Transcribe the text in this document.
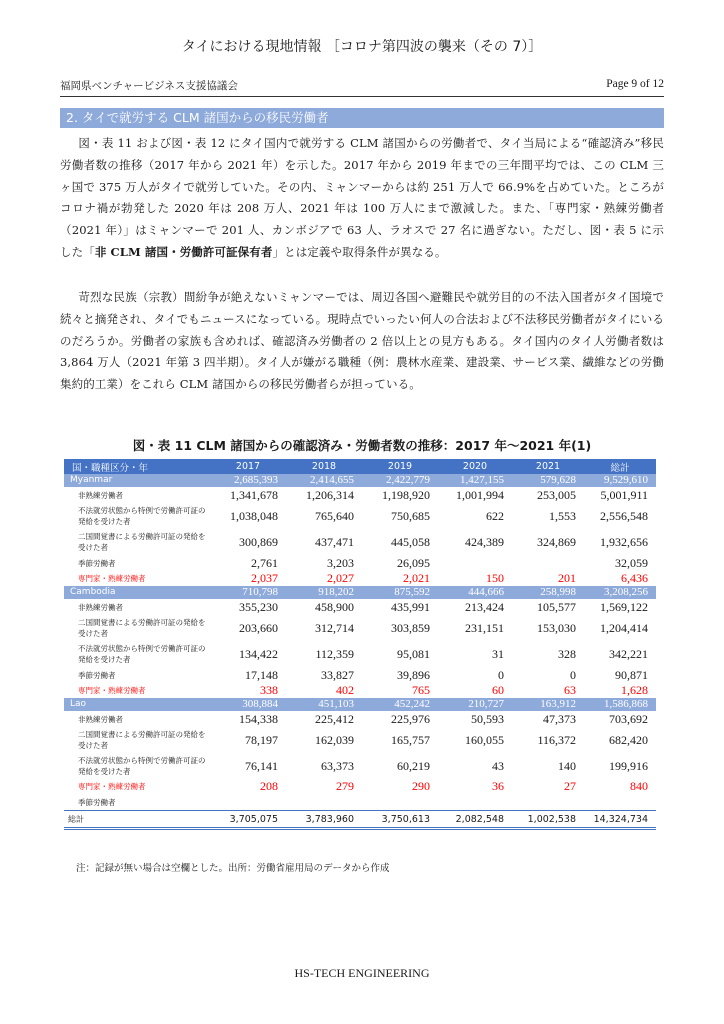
タイにおける現地情報 ［コロナ第四波の襲来（その 7）］
福岡県ベンチャービジネス支援協議会	Page 9 of 12
2. タイで就労する CLM 諸国からの移民労働者

図・表 11 および図・表 12 にタイ国内で就労する CLM 諸国からの労働者で、タイ当局による“確認済み”移民労働者数の推移（2017 年から 2021 年）を示した。2017 年から 2019 年までの三年間平均では、この CLM 三ヶ国で 375 万人がタイで就労していた。その内、ミャンマーからは約 251 万人で 66.9%を占めていた。ところがコロナ禍が勃発した 2020 年は 208 万人、2021 年は 100 万人にまで激減した。また、「専門家・熟練労働者（2021 年）」はミャンマーで 201 人、カンボジアで 63 人、ラオスで 27 名に過ぎない。ただし、図・表 5 に示した「非 CLM 諸国・労働許可証保有者」とは定義や取得条件が異なる。

苛烈な民族（宗教）間紛争が絶えないミャンマーでは、周辺各国へ避難民や就労目的の不法入国者がタイ国境で続々と摘発され、タイでもニュースになっている。現時点でいったい何人の合法および不法移民労働者がタイにいるのだろうか。労働者の家族も含めれば、確認済み労働者の 2 倍以上との見方もある。タイ国内のタイ人労働者数は 3,864 万人（2021 年第 3 四半期）。タイ人が嫌がる職種（例：農林水産業、建設業、サービス業、繊維などの労働集約的工業）をこれら CLM 諸国からの移民労働者らが担っている。

図・表 11 CLM 諸国からの確認済み・労働者数の推移：2017 年～2021 年(1)
国・職種区分・年	2017	2018	2019	2020	2021	総計
Myanmar	2,685,393	2,414,655	2,422,779	1,427,155	579,628	9,529,610
非熟練労働者	1,341,678	1,206,314	1,198,920	1,001,994	253,005	5,001,911
不法就労状態から特例で労働許可証の発給を受けた者	1,038,048	765,640	750,685	622	1,553	2,556,548
二国間覚書による労働許可証の発給を受けた者	300,869	437,471	445,058	424,389	324,869	1,932,656
季節労働者	2,761	3,203	26,095			32,059
専門家・熟練労働者	2,037	2,027	2,021	150	201	6,436
Cambodia	710,798	918,202	875,592	444,666	258,998	3,208,256
非熟練労働者	355,230	458,900	435,991	213,424	105,577	1,569,122
二国間覚書による労働許可証の発給を受けた者	203,660	312,714	303,859	231,151	153,030	1,204,414
不法就労状態から特例で労働許可証の発給を受けた者	134,422	112,359	95,081	31	328	342,221
季節労働者	17,148	33,827	39,896	0	0	90,871
専門家・熟練労働者	338	402	765	60	63	1,628
Lao	308,884	451,103	452,242	210,727	163,912	1,586,868
非熟練労働者	154,338	225,412	225,976	50,593	47,373	703,692
二国間覚書による労働許可証の発給を受けた者	78,197	162,039	165,757	160,055	116,372	682,420
不法就労状態から特例で労働許可証の発給を受けた者	76,141	63,373	60,219	43	140	199,916
専門家・熟練労働者	208	279	290	36	27	840
季節労働者						
総計	3,705,075	3,783,960	3,750,613	2,082,548	1,002,538	14,324,734
注：記録が無い場合は空欄とした。出所：労働省雇用局のデータから作成
HS-TECH ENGINEERING
